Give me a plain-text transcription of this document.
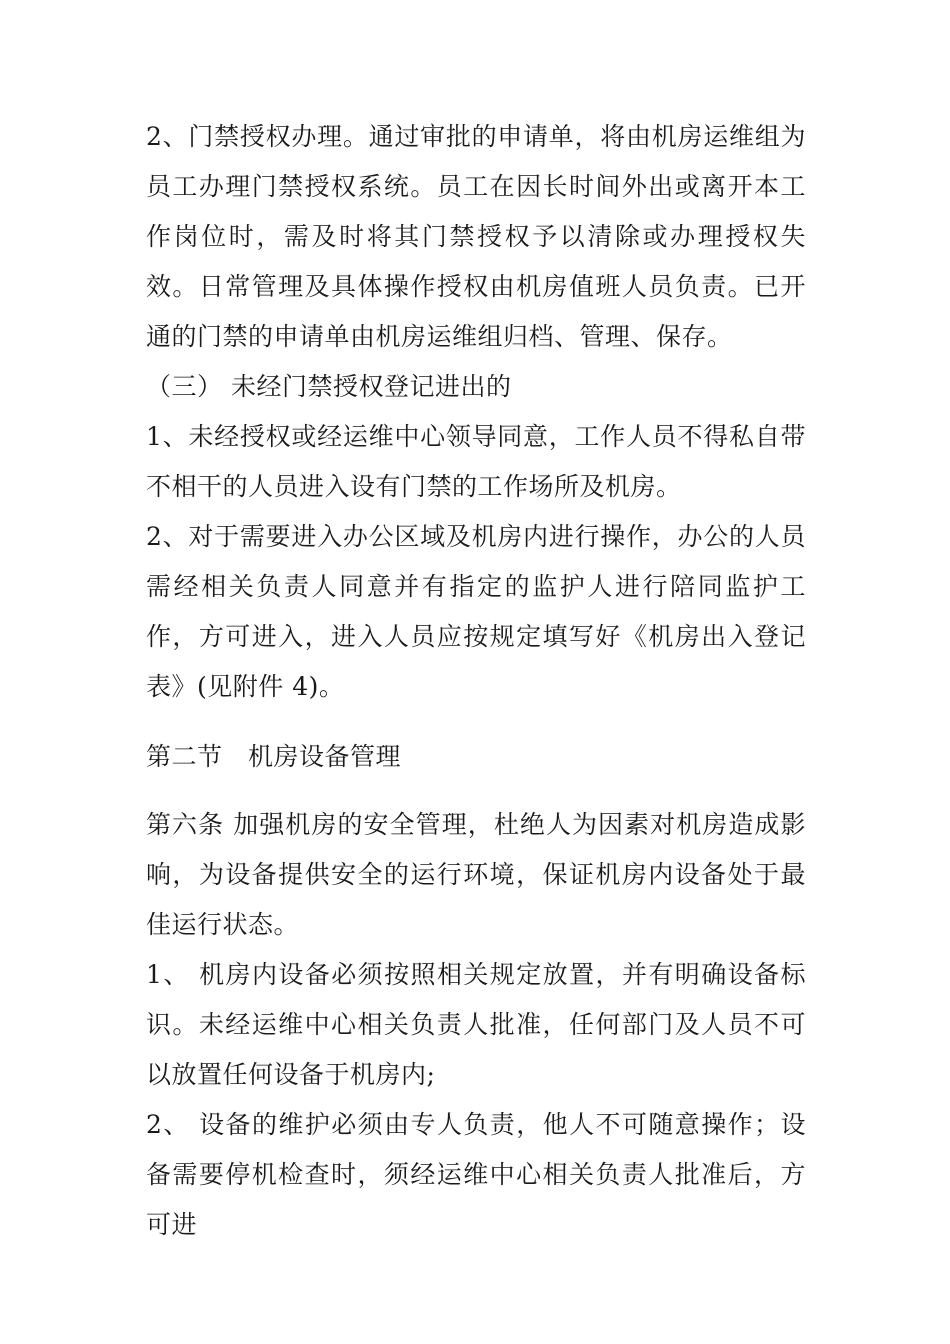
2、门禁授权办理。通过审批的申请单，将由机房运维组为员工办理门禁授权系统。员工在因长时间外出或离开本工作岗位时，需及时将其门禁授权予以清除或办理授权失效。日常管理及具体操作授权由机房值班人员负责。已开通的门禁的申请单由机房运维组归档、管理、保存。

（三） 未经门禁授权登记进出的

1、未经授权或经运维中心领导同意，工作人员不得私自带不相干的人员进入设有门禁的工作场所及机房。

2、对于需要进入办公区域及机房内进行操作，办公的人员需经相关负责人同意并有指定的监护人进行陪同监护工作，方可进入，进入人员应按规定填写好《机房出入登记表》(见附件 4)。

第二节　机房设备管理

第六条 加强机房的安全管理，杜绝人为因素对机房造成影响，为设备提供安全的运行环境，保证机房内设备处于最佳运行状态。

1、 机房内设备必须按照相关规定放置，并有明确设备标识。未经运维中心相关负责人批准，任何部门及人员不可以放置任何设备于机房内;

2、 设备的维护必须由专人负责，他人不可随意操作；设备需要停机检查时，须经运维中心相关负责人批准后，方可进
